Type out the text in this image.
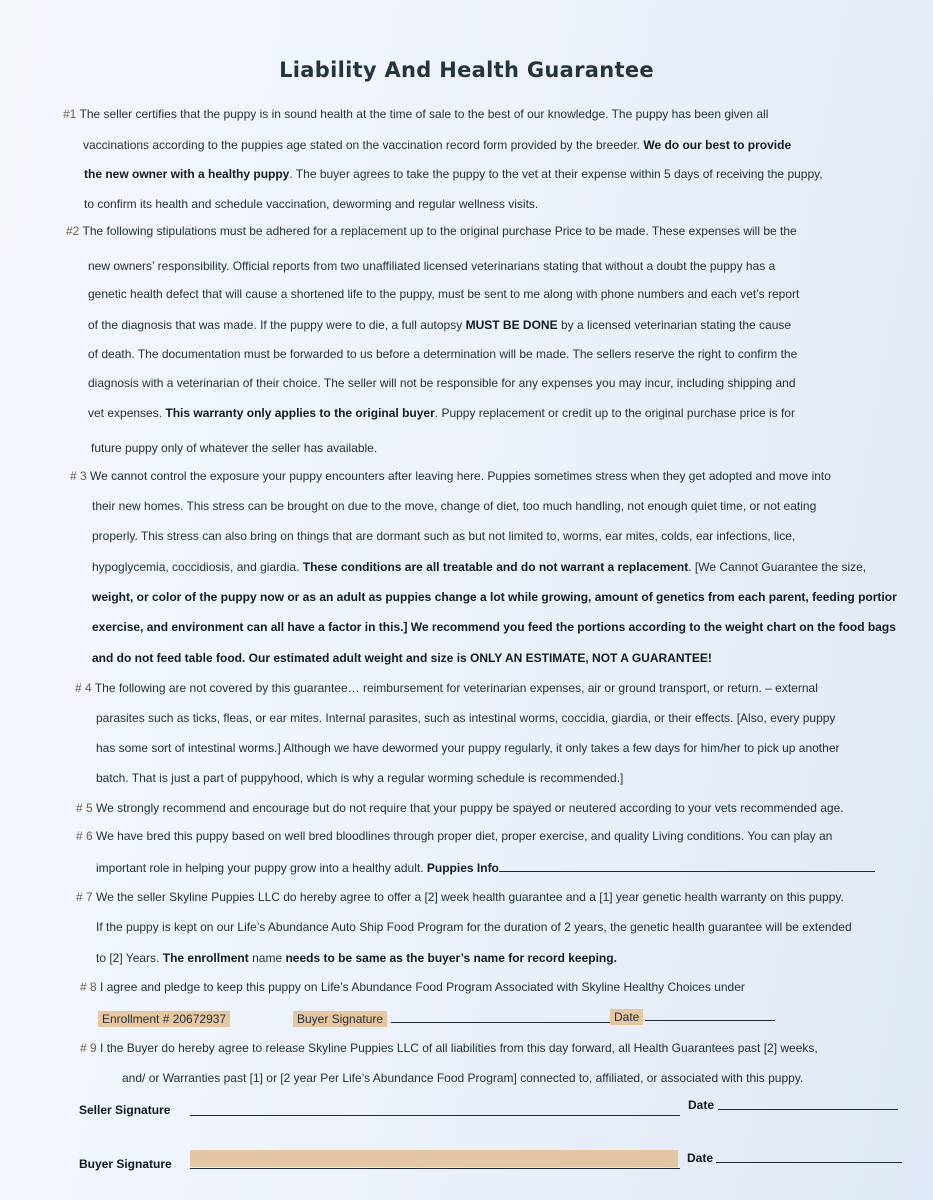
Liability And Health Guarantee
#1 The seller certifies that the puppy is in sound health at the time of sale to the best of our knowledge. The puppy has been given all
vaccinations according to the puppies age stated on the vaccination record form provided by the breeder. We do our best to provide
the new owner with a healthy puppy. The buyer agrees to take the puppy to the vet at their expense within 5 days of receiving the puppy,
to confirm its health and schedule vaccination, deworming and regular wellness visits.
#2 The following stipulations must be adhered for a replacement up to the original purchase Price to be made. These expenses will be the
new owners’ responsibility. Official reports from two unaffiliated licensed veterinarians stating that without a doubt the puppy has a
genetic health defect that will cause a shortened life to the puppy, must be sent to me along with phone numbers and each vet’s report
of the diagnosis that was made. If the puppy were to die, a full autopsy MUST BE DONE by a licensed veterinarian stating the cause
of death. The documentation must be forwarded to us before a determination will be made. The sellers reserve the right to confirm the
diagnosis with a veterinarian of their choice. The seller will not be responsible for any expenses you may incur, including shipping and
vet expenses. This warranty only applies to the original buyer. Puppy replacement or credit up to the original purchase price is for
future puppy only of whatever the seller has available.
# 3 We cannot control the exposure your puppy encounters after leaving here. Puppies sometimes stress when they get adopted and move into
their new homes. This stress can be brought on due to the move, change of diet, too much handling, not enough quiet time, or not eating
properly. This stress can also bring on things that are dormant such as but not limited to, worms, ear mites, colds, ear infections, lice,
hypoglycemia, coccidiosis, and giardia. These conditions are all treatable and do not warrant a replacement. [We Cannot Guarantee the size,
weight, or color of the puppy now or as an adult as puppies change a lot while growing, amount of genetics from each parent, feeding portior
exercise, and environment can all have a factor in this.] We recommend you feed the portions according to the weight chart on the food bags
and do not feed table food. Our estimated adult weight and size is ONLY AN ESTIMATE, NOT A GUARANTEE!
# 4 The following are not covered by this guarantee… reimbursement for veterinarian expenses, air or ground transport, or return. – external
parasites such as ticks, fleas, or ear mites. Internal parasites, such as intestinal worms, coccidia, giardia, or their effects. [Also, every puppy
has some sort of intestinal worms.] Although we have dewormed your puppy regularly, it only takes a few days for him/her to pick up another
batch. That is just a part of puppyhood, which is why a regular worming schedule is recommended.]
# 5 We strongly recommend and encourage but do not require that your puppy be spayed or neutered according to your vets recommended age.
# 6 We have bred this puppy based on well bred bloodlines through proper diet, proper exercise, and quality Living conditions. You can play an
important role in helping your puppy grow into a healthy adult. Puppies Info
# 7 We the seller Skyline Puppies LLC do hereby agree to offer a [2] week health guarantee and a [1] year genetic health warranty on this puppy.
If the puppy is kept on our Life’s Abundance Auto Ship Food Program for the duration of 2 years, the genetic health guarantee will be extended
to [2] Years. The enrollment name needs to be same as the buyer’s name for record keeping.
# 8 I agree and pledge to keep this puppy on Life’s Abundance Food Program Associated with Skyline Healthy Choices under
Enrollment # 20672937	Buyer Signature	Date
# 9 I the Buyer do hereby agree to release Skyline Puppies LLC of all liabilities from this day forward, all Health Guarantees past [2] weeks,
and/ or Warranties past [1] or [2 year Per Life’s Abundance Food Program] connected to, affiliated, or associated with this puppy.
Seller Signature	Date
Buyer Signature	Date
